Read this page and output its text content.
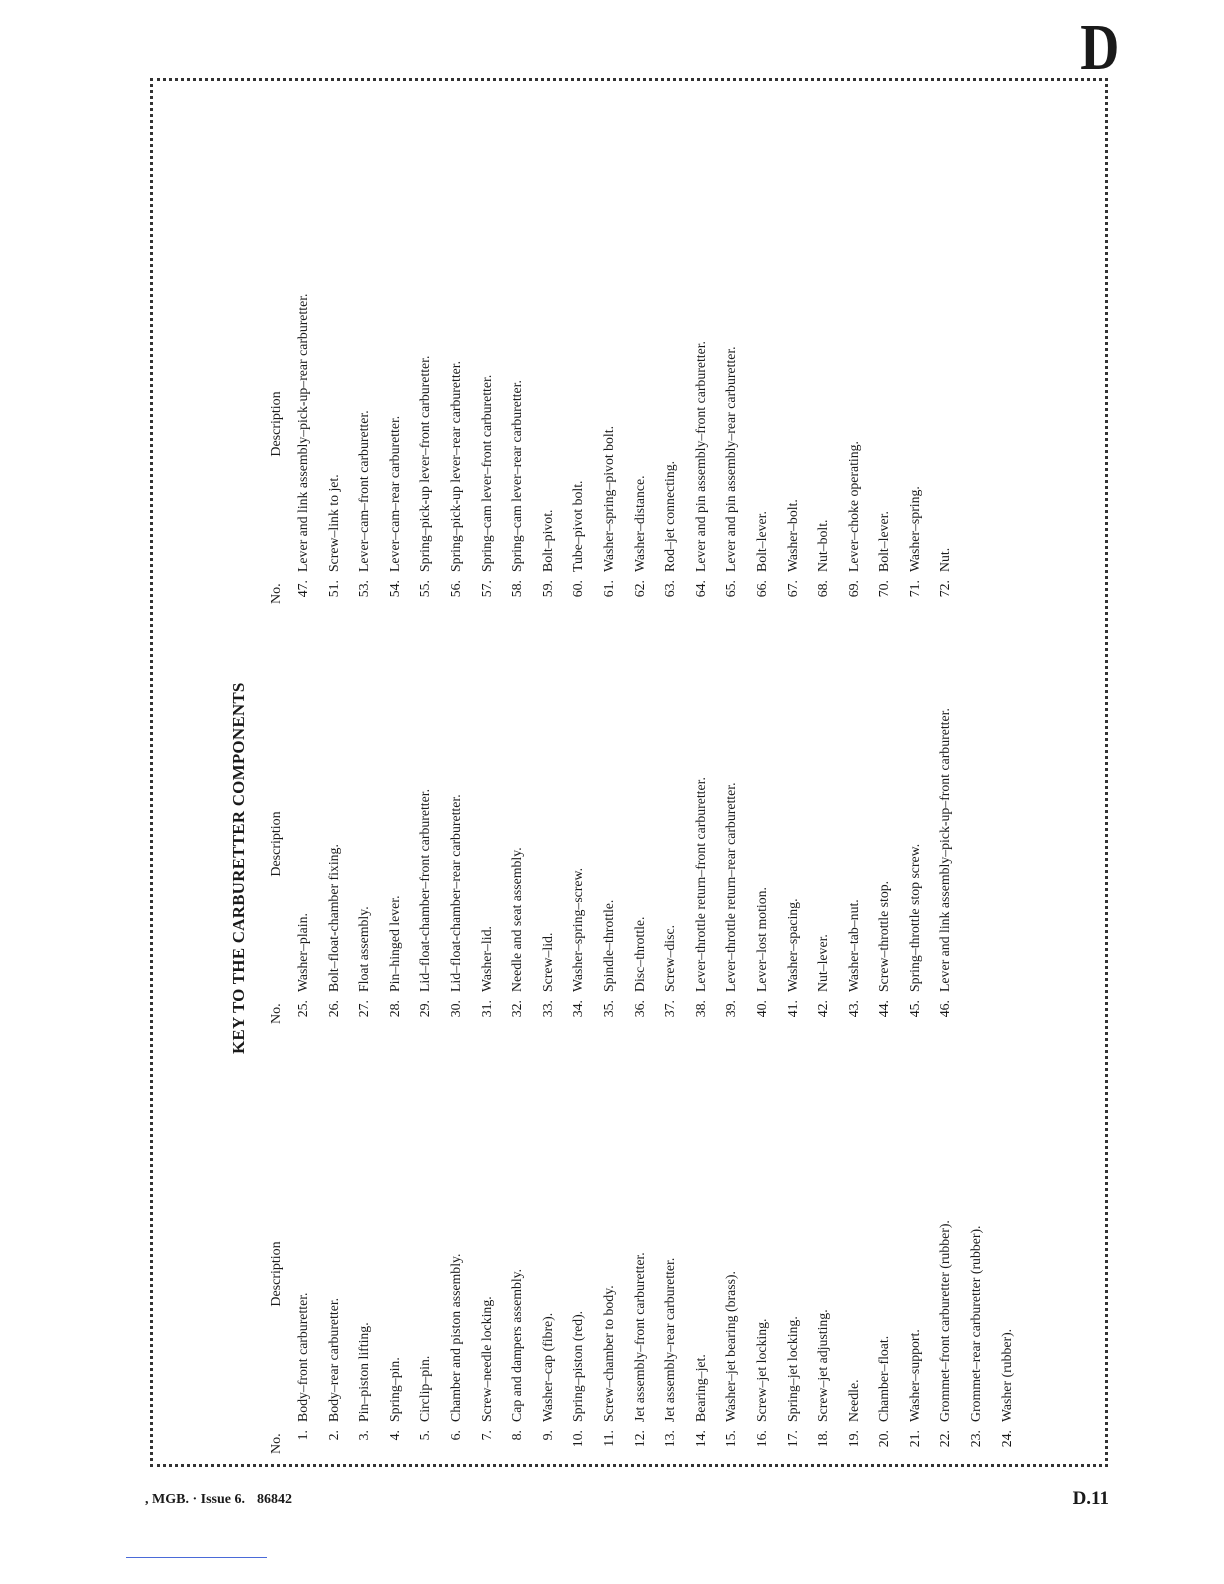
D
KEY TO THE CARBURETTER COMPONENTS
No.
Description
1.
Body–front carburetter.
2.
Body–rear carburetter.
3.
Pin–piston lifting.
4.
Spring–pin.
5.
Circlip–pin.
6.
Chamber and piston assembly.
7.
Screw–needle locking.
8.
Cap and dampers assembly.
9.
Washer–cap (fibre).
10.
Spring–piston (red).
11.
Screw–chamber to body.
12.
Jet assembly–front carburetter.
13.
Jet assembly–rear carburetter.
14.
Bearing–jet.
15.
Washer–jet bearing (brass).
16.
Screw–jet locking.
17.
Spring–jet locking.
18.
Screw–jet adjusting.
19.
Needle.
20.
Chamber–float.
21.
Washer–support.
22.
Grommet–front carburetter (rubber).
23.
Grommet–rear carburetter (rubber).
24.
Washer (rubber).
No.
Description
25.
Washer–plain.
26.
Bolt–float-chamber fixing.
27.
Float assembly.
28.
Pin–hinged lever.
29.
Lid–float-chamber–front carburetter.
30.
Lid–float-chamber–rear carburetter.
31.
Washer–lid.
32.
Needle and seat assembly.
33.
Screw–lid.
34.
Washer–spring–screw.
35.
Spindle–throttle.
36.
Disc–throttle.
37.
Screw–disc.
38.
Lever–throttle return–front carburetter.
39.
Lever–throttle return–rear carburetter.
40.
Lever–lost motion.
41.
Washer–spacing.
42.
Nut–lever.
43.
Washer–tab–nut.
44.
Screw–throttle stop.
45.
Spring–throttle stop screw.
46.
Lever and link assembly–pick-up–front carburetter.
No.
Description
47.
Lever and link assembly–pick-up–rear carburetter.
51.
Screw–link to jet.
53.
Lever–cam–front carburetter.
54.
Lever–cam–rear carburetter.
55.
Spring–pick-up lever–front carburetter.
56.
Spring–pick-up lever–rear carburetter.
57.
Spring–cam lever–front carburetter.
58.
Spring–cam lever–rear carburetter.
59.
Bolt–pivot.
60.
Tube–pivot bolt.
61.
Washer–spring–pivot bolt.
62.
Washer–distance.
63.
Rod–jet connecting.
64.
Lever and pin assembly–front carburetter.
65.
Lever and pin assembly–rear carburetter.
66.
Bolt–lever.
67.
Washer–bolt.
68.
Nut–bolt.
69.
Lever–choke operating.
70.
Bolt–lever.
71.
Washer–spring.
72.
Nut.
, MGB. · Issue 6. 86842	D.11
